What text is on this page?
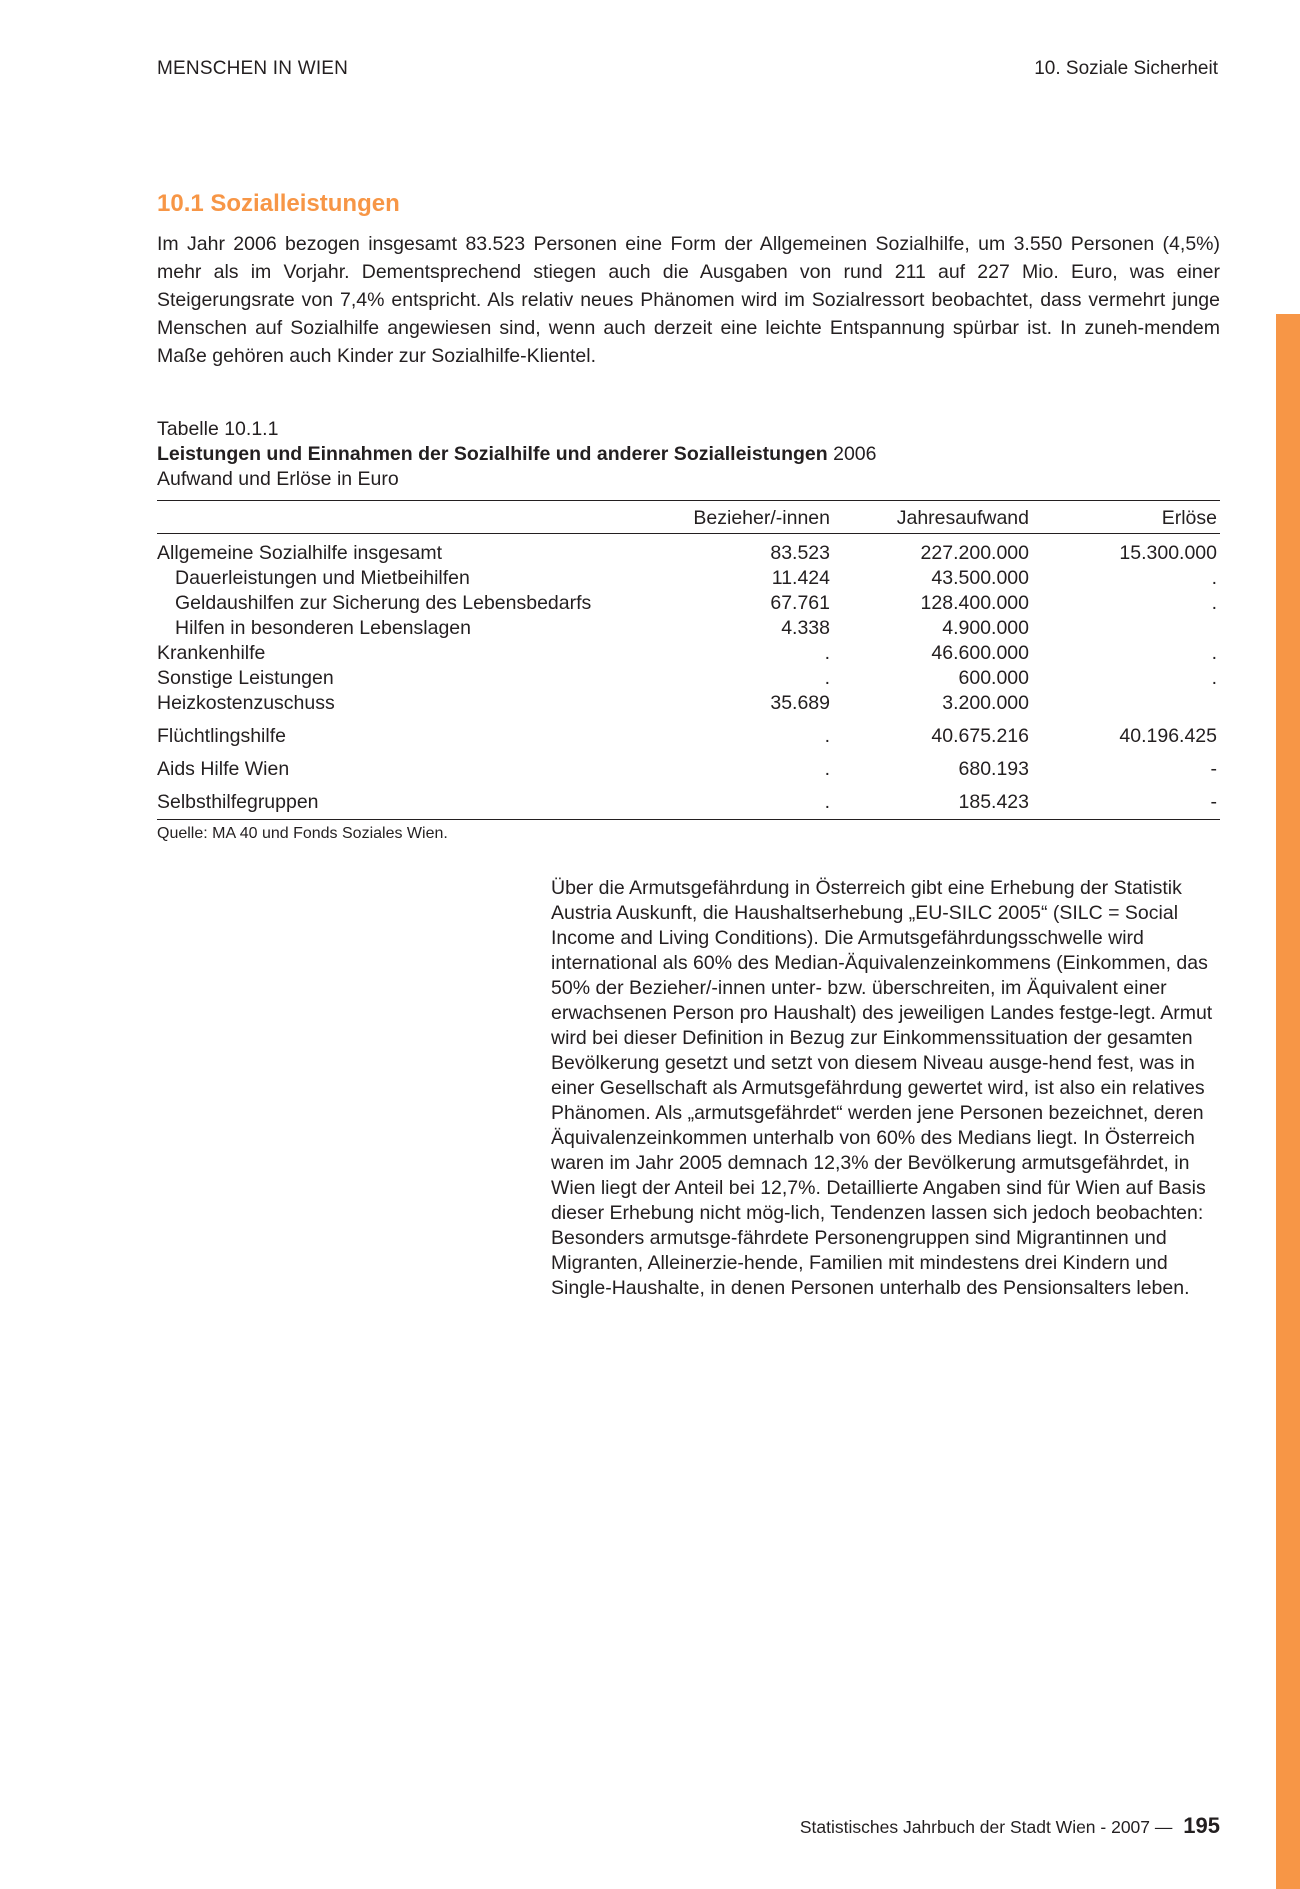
MENSCHEN IN WIEN	10. Soziale Sicherheit
10.1 Sozialleistungen

Im Jahr 2006 bezogen insgesamt 83.523 Personen eine Form der Allgemeinen Sozialhilfe, um 3.550 Personen (4,5%) mehr als im Vorjahr. Dementsprechend stiegen auch die Ausgaben von rund 211 auf 227 Mio. Euro, was einer Steigerungsrate von 7,4% entspricht. Als relativ neues Phänomen wird im Sozialressort beobachtet, dass vermehrt junge Menschen auf Sozialhilfe angewiesen sind, wenn auch derzeit eine leichte Entspannung spürbar ist. In zuneh-mendem Maße gehören auch Kinder zur Sozialhilfe-Klientel.

Tabelle 10.1.1
Leistungen und Einnahmen der Sozialhilfe und anderer Sozialleistungen 2006
Aufwand und Erlöse in Euro
	Bezieher/-innen	Jahresaufwand	Erlöse
Allgemeine Sozialhilfe insgesamt	83.523	227.200.000	15.300.000
Dauerleistungen und Mietbeihilfen	11.424	43.500.000	.
Geldaushilfen zur Sicherung des Lebensbedarfs	67.761	128.400.000	.
Hilfen in besonderen Lebenslagen	4.338	4.900.000	
Krankenhilfe	.	46.600.000	.
Sonstige Leistungen	.	600.000	.
Heizkostenzuschuss	35.689	3.200.000	
Flüchtlingshilfe	.	40.675.216	40.196.425
Aids Hilfe Wien	.	680.193	-
Selbsthilfegruppen	.	185.423	-
Quelle: MA 40 und Fonds Soziales Wien.

Über die Armutsgefährdung in Österreich gibt eine Erhebung der Statistik Austria Auskunft, die Haushaltserhebung „EU-SILC 2005“ (SILC = Social Income and Living Conditions). Die Armutsgefährdungsschwelle wird international als 60% des Median-Äquivalenzeinkommens (Einkommen, das 50% der Bezieher/-innen unter- bzw. überschreiten, im Äquivalent einer erwachsenen Person pro Haushalt) des jeweiligen Landes festge-legt. Armut wird bei dieser Definition in Bezug zur Einkommenssituation der gesamten Bevölkerung gesetzt und setzt von diesem Niveau ausge-hend fest, was in einer Gesellschaft als Armutsgefährdung gewertet wird, ist also ein relatives Phänomen. Als „armutsgefährdet“ werden jene Personen bezeichnet, deren Äquivalenzeinkommen unterhalb von 60% des Medians liegt. In Österreich waren im Jahr 2005 demnach 12,3% der Bevölkerung armutsgefährdet, in Wien liegt der Anteil bei 12,7%. Detaillierte Angaben sind für Wien auf Basis dieser Erhebung nicht mög-lich, Tendenzen lassen sich jedoch beobachten: Besonders armutsge-fährdete Personengruppen sind Migrantinnen und Migranten, Alleinerzie-hende, Familien mit mindestens drei Kindern und Single-Haushalte, in denen Personen unterhalb des Pensionsalters leben.

Statistisches Jahrbuch der Stadt Wien - 2007 — 195
